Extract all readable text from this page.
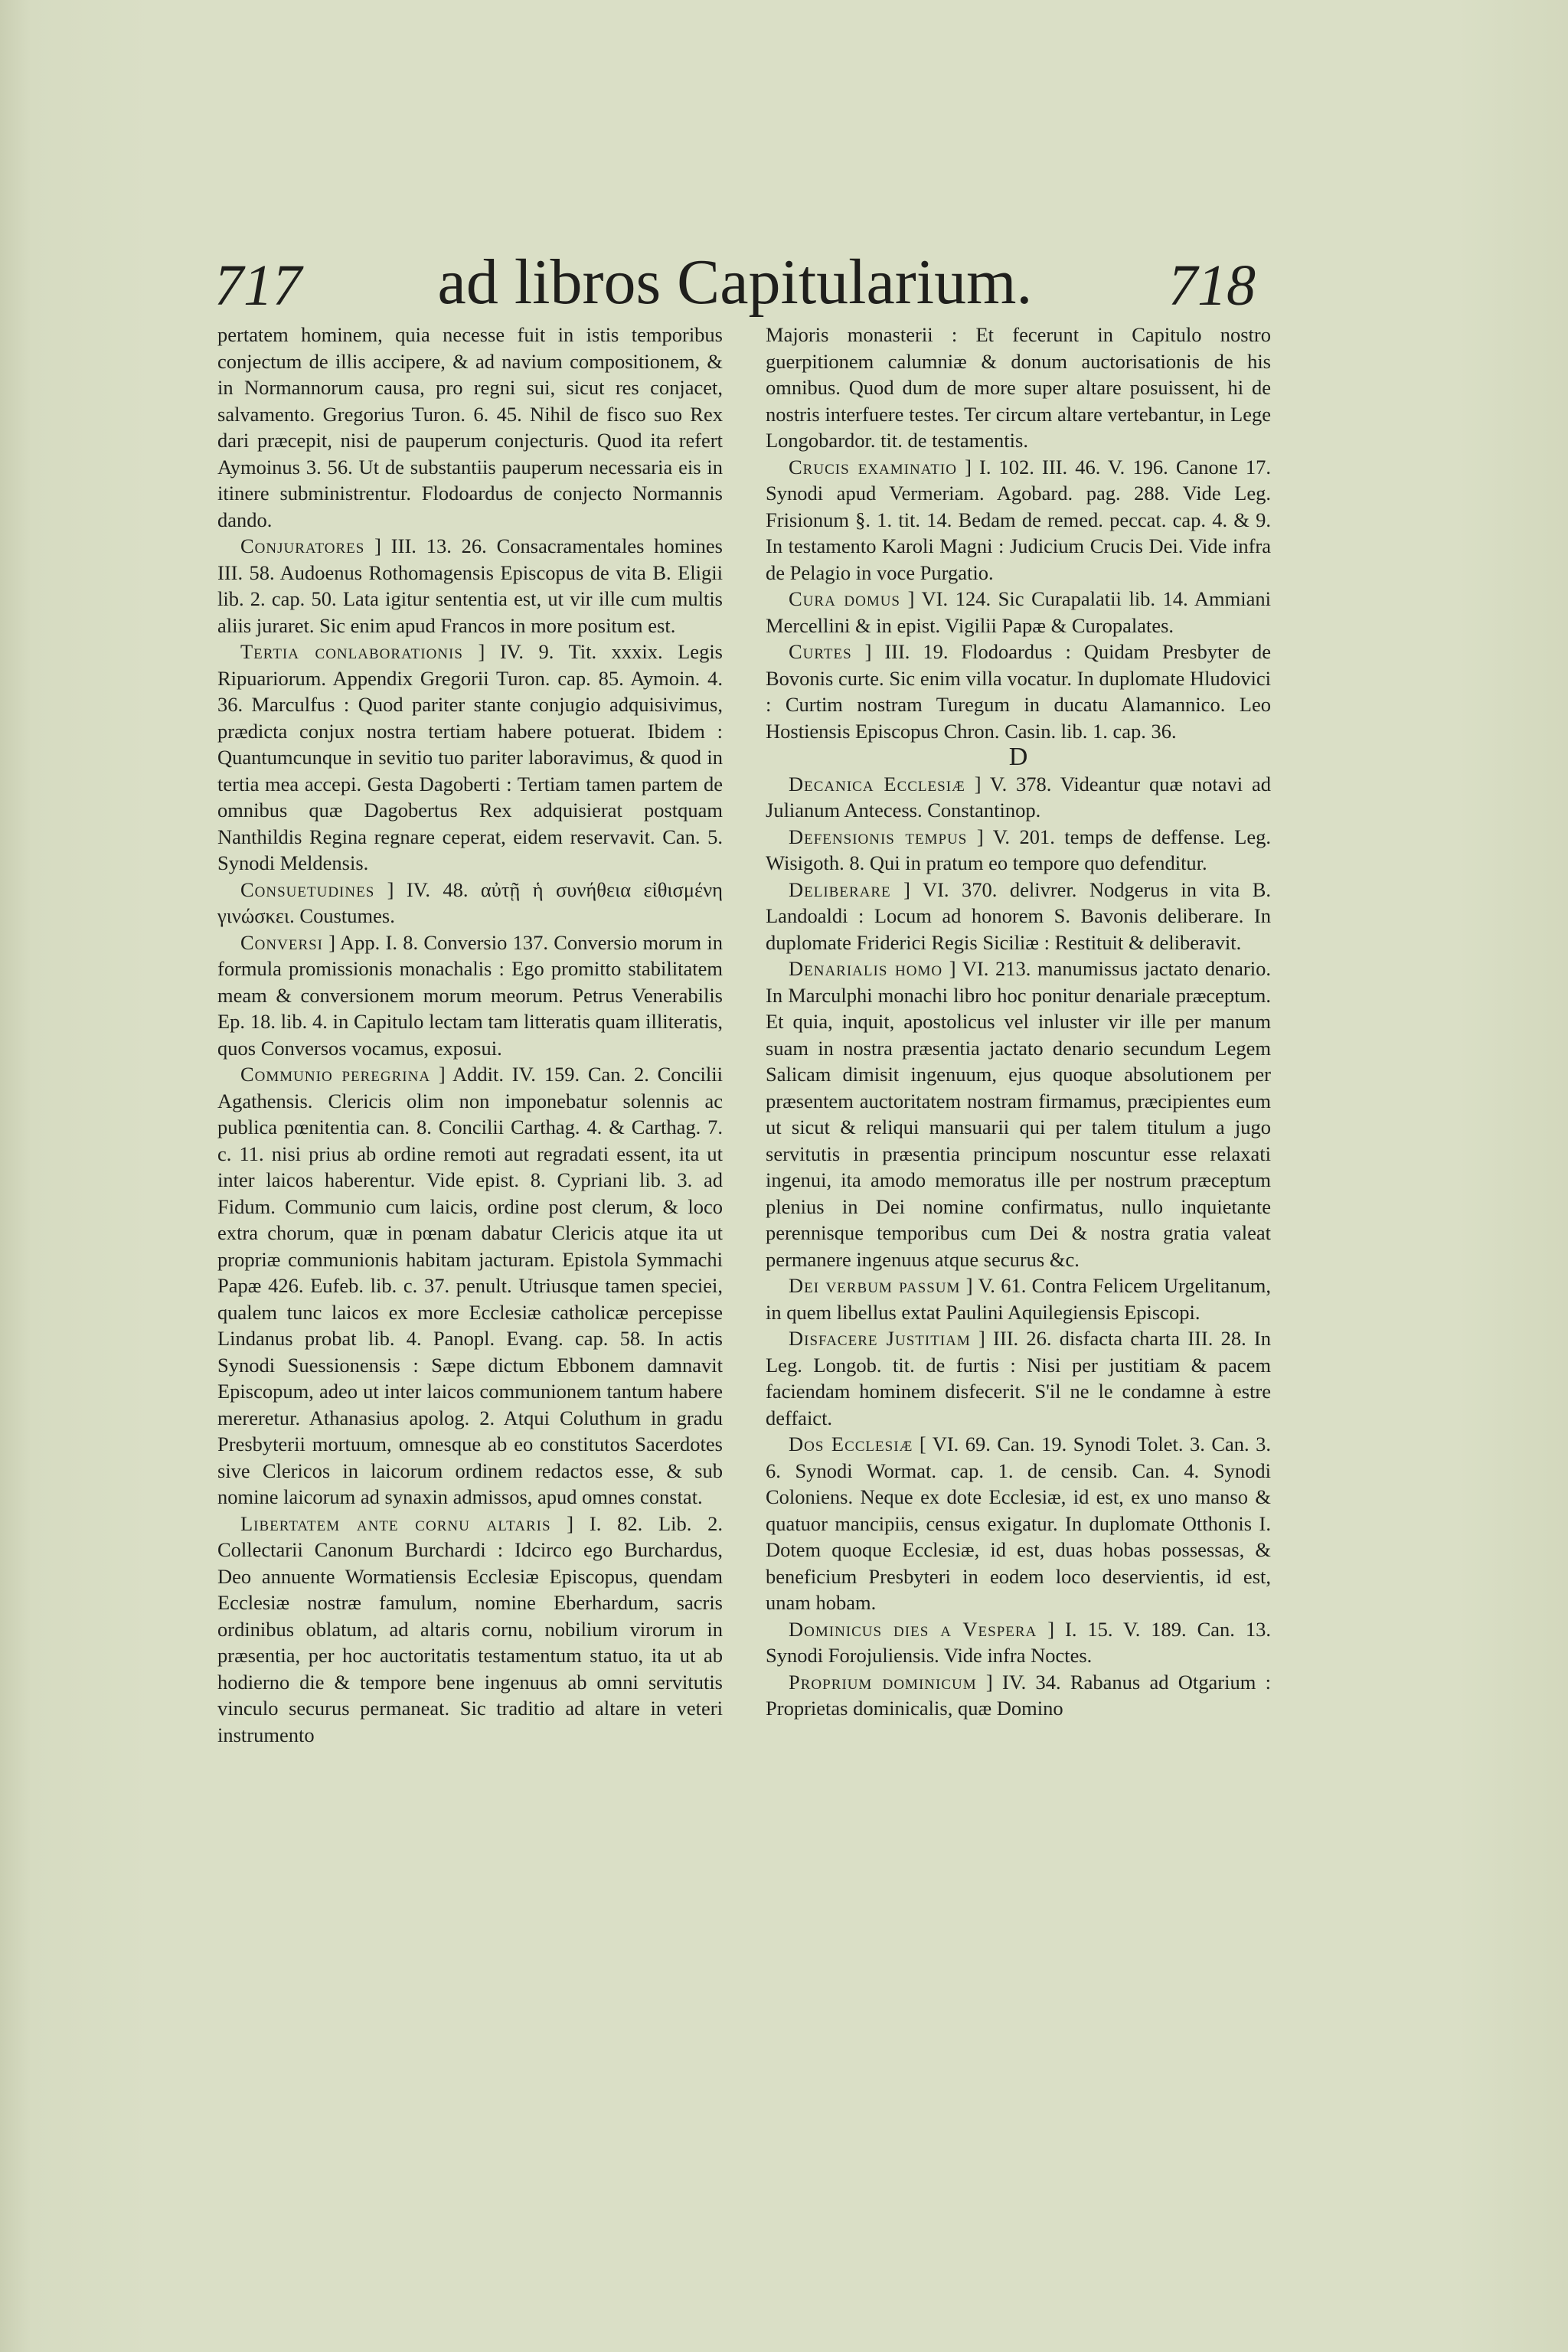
717	ad libros Capitularium.	718

pertatem hominem, quia necesse fuit in istis temporibus conjectum de illis accipere, & ad navium compositionem, & in Normannorum causa, pro regni sui, sicut res conjacet, salvamento. Gregorius Turon. 6. 45. Nihil de fisco suo Rex dari præcepit, nisi de pauperum conjecturis. Quod ita refert Aymoinus 3. 56. Ut de substantiis pauperum necessaria eis in itinere subministrentur. Flodoardus de conjecto Normannis dando.

Conjuratores ] III. 13. 26. Consacramentales homines III. 58. Audoenus Rothomagensis Episcopus de vita B. Eligii lib. 2. cap. 50. Lata igitur sententia est, ut vir ille cum multis aliis juraret. Sic enim apud Francos in more positum est.

Tertia conlaborationis ] IV. 9. Tit. xxxix. Legis Ripuariorum. Appendix Gregorii Turon. cap. 85. Aymoin. 4. 36. Marculfus : Quod pariter stante conjugio adquisivimus, prædicta conjux nostra tertiam habere potuerat. Ibidem : Quantumcunque in sevitio tuo pariter laboravimus, & quod in tertia mea accepi. Gesta Dagoberti : Tertiam tamen partem de omnibus quæ Dagobertus Rex adquisierat postquam Nanthildis Regina regnare ceperat, eidem reservavit. Can. 5. Synodi Meldensis.

Consuetudines ] IV. 48. αὐτῇ ἡ συνήθεια εἰθισμένη γινώσκει. Coustumes.

Conversi ] App. I. 8. Conversio 137. Conversio morum in formula promissionis monachalis : Ego promitto stabilitatem meam & conversionem morum meorum. Petrus Venerabilis Ep. 18. lib. 4. in Capitulo lectam tam litteratis quam illiteratis, quos Conversos vocamus, exposui.

Communio peregrina ] Addit. IV. 159. Can. 2. Concilii Agathensis. Clericis olim non imponebatur solennis ac publica pœnitentia can. 8. Concilii Carthag. 4. & Carthag. 7. c. 11. nisi prius ab ordine remoti aut regradati essent, ita ut inter laicos haberentur. Vide epist. 8. Cypriani lib. 3. ad Fidum. Communio cum laicis, ordine post clerum, & loco extra chorum, quæ in pœnam dabatur Clericis atque ita ut propriæ communionis habitam jacturam. Epistola Symmachi Papæ 426. Eufeb. lib. c. 37. penult. Utriusque tamen speciei, qualem tunc laicos ex more Ecclesiæ catholicæ percepisse Lindanus probat lib. 4. Panopl. Evang. cap. 58. In actis Synodi Suessionensis : Sæpe dictum Ebbonem damnavit Episcopum, adeo ut inter laicos communionem tantum habere mereretur. Athanasius apolog. 2. Atqui Coluthum in gradu Presbyterii mortuum, omnesque ab eo constitutos Sacerdotes sive Clericos in laicorum ordinem redactos esse, & sub nomine laicorum ad synaxin admissos, apud omnes constat.

Libertatem ante cornu altaris ] I. 82. Lib. 2. Collectarii Canonum Burchardi : Idcirco ego Burchardus, Deo annuente Wormatiensis Ecclesiæ Episcopus, quendam Ecclesiæ nostræ famulum, nomine Eberhardum, sacris ordinibus oblatum, ad altaris cornu, nobilium virorum in præsentia, per hoc auctoritatis testamentum statuo, ita ut ab hodierno die & tempore bene ingenuus ab omni servitutis vinculo securus permaneat. Sic traditio ad altare in veteri instrumento

Majoris monasterii : Et fecerunt in Capitulo nostro guerpitionem calumniæ & donum auctorisationis de his omnibus. Quod dum de more super altare posuissent, hi de nostris interfuere testes. Ter circum altare vertebantur, in Lege Longobardor. tit. de testamentis.

Crucis examinatio ] I. 102. III. 46. V. 196. Canone 17. Synodi apud Vermeriam. Agobard. pag. 288. Vide Leg. Frisionum §. 1. tit. 14. Bedam de remed. peccat. cap. 4. & 9. In testamento Karoli Magni : Judicium Crucis Dei. Vide infra de Pelagio in voce Purgatio.

Cura domus ] VI. 124. Sic Curapalatii lib. 14. Ammiani Mercellini & in epist. Vigilii Papæ & Curopalates.

Curtes ] III. 19. Flodoardus : Quidam Presbyter de Bovonis curte. Sic enim villa vocatur. In duplomate Hludovici : Curtim nostram Turegum in ducatu Alamannico. Leo Hostiensis Episcopus Chron. Casin. lib. 1. cap. 36.

D

Decanica Ecclesiæ ] V. 378. Videantur quæ notavi ad Julianum Antecess. Constantinop.

Defensionis tempus ] V. 201. temps de deffense. Leg. Wisigoth. 8. Qui in pratum eo tempore quo defenditur.

Deliberare ] VI. 370. delivrer. Nodgerus in vita B. Landoaldi : Locum ad honorem S. Bavonis deliberare. In duplomate Friderici Regis Siciliæ : Restituit & deliberavit.

Denarialis homo ] VI. 213. manumissus jactato denario. In Marculphi monachi libro hoc ponitur denariale præceptum. Et quia, inquit, apostolicus vel inluster vir ille per manum suam in nostra præsentia jactato denario secundum Legem Salicam dimisit ingenuum, ejus quoque absolutionem per præsentem auctoritatem nostram firmamus, præcipientes eum ut sicut & reliqui mansuarii qui per talem titulum a jugo servitutis in præsentia principum noscuntur esse relaxati ingenui, ita amodo memoratus ille per nostrum præceptum plenius in Dei nomine confirmatus, nullo inquietante perennisque temporibus cum Dei & nostra gratia valeat permanere ingenuus atque securus &c.

Dei verbum passum ] V. 61. Contra Felicem Urgelitanum, in quem libellus extat Paulini Aquilegiensis Episcopi.

Disfacere Justitiam ] III. 26. disfacta charta III. 28. In Leg. Longob. tit. de furtis : Nisi per justitiam & pacem faciendam hominem disfecerit. S'il ne le condamne à estre deffaict.

Dos Ecclesiæ [ VI. 69. Can. 19. Synodi Tolet. 3. Can. 3. 6. Synodi Wormat. cap. 1. de censib. Can. 4. Synodi Coloniens. Neque ex dote Ecclesiæ, id est, ex uno manso & quatuor mancipiis, census exigatur. In duplomate Otthonis I. Dotem quoque Ecclesiæ, id est, duas hobas possessas, & beneficium Presbyteri in eodem loco deservientis, id est, unam hobam.

Dominicus dies a Vespera ] I. 15. V. 189. Can. 13. Synodi Forojuliensis. Vide infra Noctes.

Proprium dominicum ] IV. 34. Rabanus ad Otgarium : Proprietas dominicalis, quæ Domino
